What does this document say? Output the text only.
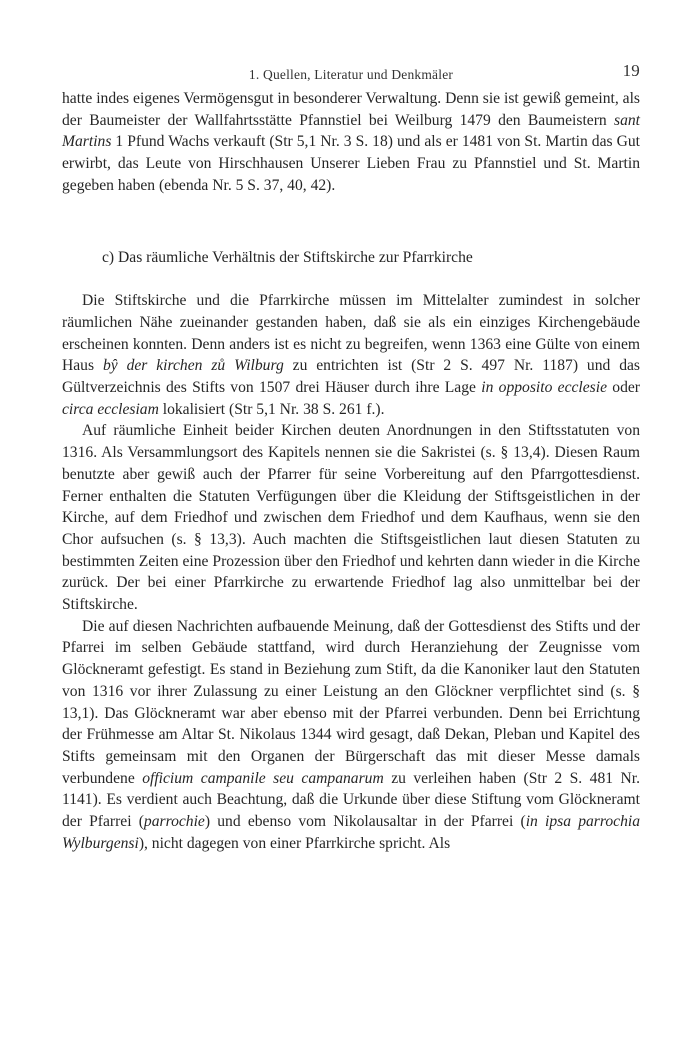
1. Quellen, Literatur und Denkmäler	19

hatte indes eigenes Vermögensgut in besonderer Verwaltung. Denn sie ist gewiß gemeint, als der Baumeister der Wallfahrtsstätte Pfannstiel bei Weilburg 1479 den Baumeistern sant Martins 1 Pfund Wachs verkauft (Str 5,1 Nr. 3 S. 18) und als er 1481 von St. Martin das Gut erwirbt, das Leute von Hirschhausen Unserer Lieben Frau zu Pfannstiel und St. Martin gegeben haben (ebenda Nr. 5 S. 37, 40, 42).

c) Das räumliche Verhältnis der Stiftskirche zur Pfarrkirche

Die Stiftskirche und die Pfarrkirche müssen im Mittelalter zumindest in solcher räumlichen Nähe zueinander gestanden haben, daß sie als ein einziges Kirchengebäude erscheinen konnten. Denn anders ist es nicht zu begreifen, wenn 1363 eine Gülte von einem Haus bŷ der kirchen zů Wilburg zu entrichten ist (Str 2 S. 497 Nr. 1187) und das Gültverzeichnis des Stifts von 1507 drei Häuser durch ihre Lage in opposito ecclesie oder circa ecclesiam lokalisiert (Str 5,1 Nr. 38 S. 261 f.).

Auf räumliche Einheit beider Kirchen deuten Anordnungen in den Stiftsstatuten von 1316. Als Versammlungsort des Kapitels nennen sie die Sakristei (s. § 13,4). Diesen Raum benutzte aber gewiß auch der Pfarrer für seine Vorbereitung auf den Pfarrgottesdienst. Ferner enthalten die Statuten Verfügungen über die Kleidung der Stiftsgeistlichen in der Kirche, auf dem Friedhof und zwischen dem Friedhof und dem Kaufhaus, wenn sie den Chor aufsuchen (s. § 13,3). Auch machten die Stiftsgeistlichen laut diesen Statuten zu bestimmten Zeiten eine Prozession über den Friedhof und kehrten dann wieder in die Kirche zurück. Der bei einer Pfarrkirche zu erwartende Friedhof lag also unmittelbar bei der Stiftskirche.

Die auf diesen Nachrichten aufbauende Meinung, daß der Gottesdienst des Stifts und der Pfarrei im selben Gebäude stattfand, wird durch Heranziehung der Zeugnisse vom Glöckneramt gefestigt. Es stand in Beziehung zum Stift, da die Kanoniker laut den Statuten von 1316 vor ihrer Zulassung zu einer Leistung an den Glöckner verpflichtet sind (s. § 13,1). Das Glöckneramt war aber ebenso mit der Pfarrei verbunden. Denn bei Errichtung der Frühmesse am Altar St. Nikolaus 1344 wird gesagt, daß Dekan, Pleban und Kapitel des Stifts gemeinsam mit den Organen der Bürgerschaft das mit dieser Messe damals verbundene officium campanile seu campanarum zu verleihen haben (Str 2 S. 481 Nr. 1141). Es verdient auch Beachtung, daß die Urkunde über diese Stiftung vom Glöckneramt der Pfarrei (parrochie) und ebenso vom Nikolausaltar in der Pfarrei (in ipsa parrochia Wylburgensi), nicht dagegen von einer Pfarrkirche spricht. Als
